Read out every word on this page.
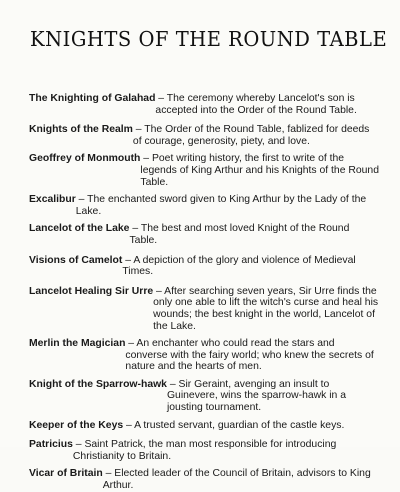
KNIGHTS OF THE ROUND TABLE
The Knighting of Galahad – The ceremony whereby Lancelot's son is accepted into the Order of the Round Table.
Knights of the Realm – The Order of the Round Table, fablized for deeds of courage, generosity, piety, and love.
Geoffrey of Monmouth – Poet writing history, the first to write of the legends of King Arthur and his Knights of the Round Table.
Excalibur – The enchanted sword given to King Arthur by the Lady of the Lake.
Lancelot of the Lake – The best and most loved Knight of the Round Table.
Visions of Camelot – A depiction of the glory and violence of Medieval Times.
Lancelot Healing Sir Urre – After searching seven years, Sir Urre finds the only one able to lift the witch's curse and heal his wounds; the best knight in the world, Lancelot of the Lake.
Merlin the Magician – An enchanter who could read the stars and converse with the fairy world; who knew the secrets of nature and the hearts of men.
Knight of the Sparrow-hawk – Sir Geraint, avenging an insult to Guinevere, wins the sparrow-hawk in a jousting tournament.
Keeper of the Keys – A trusted servant, guardian of the castle keys.
Patricius – Saint Patrick, the man most responsible for introducing Christianity to Britain.
Vicar of Britain – Elected leader of the Council of Britain, advisors to King Arthur.
